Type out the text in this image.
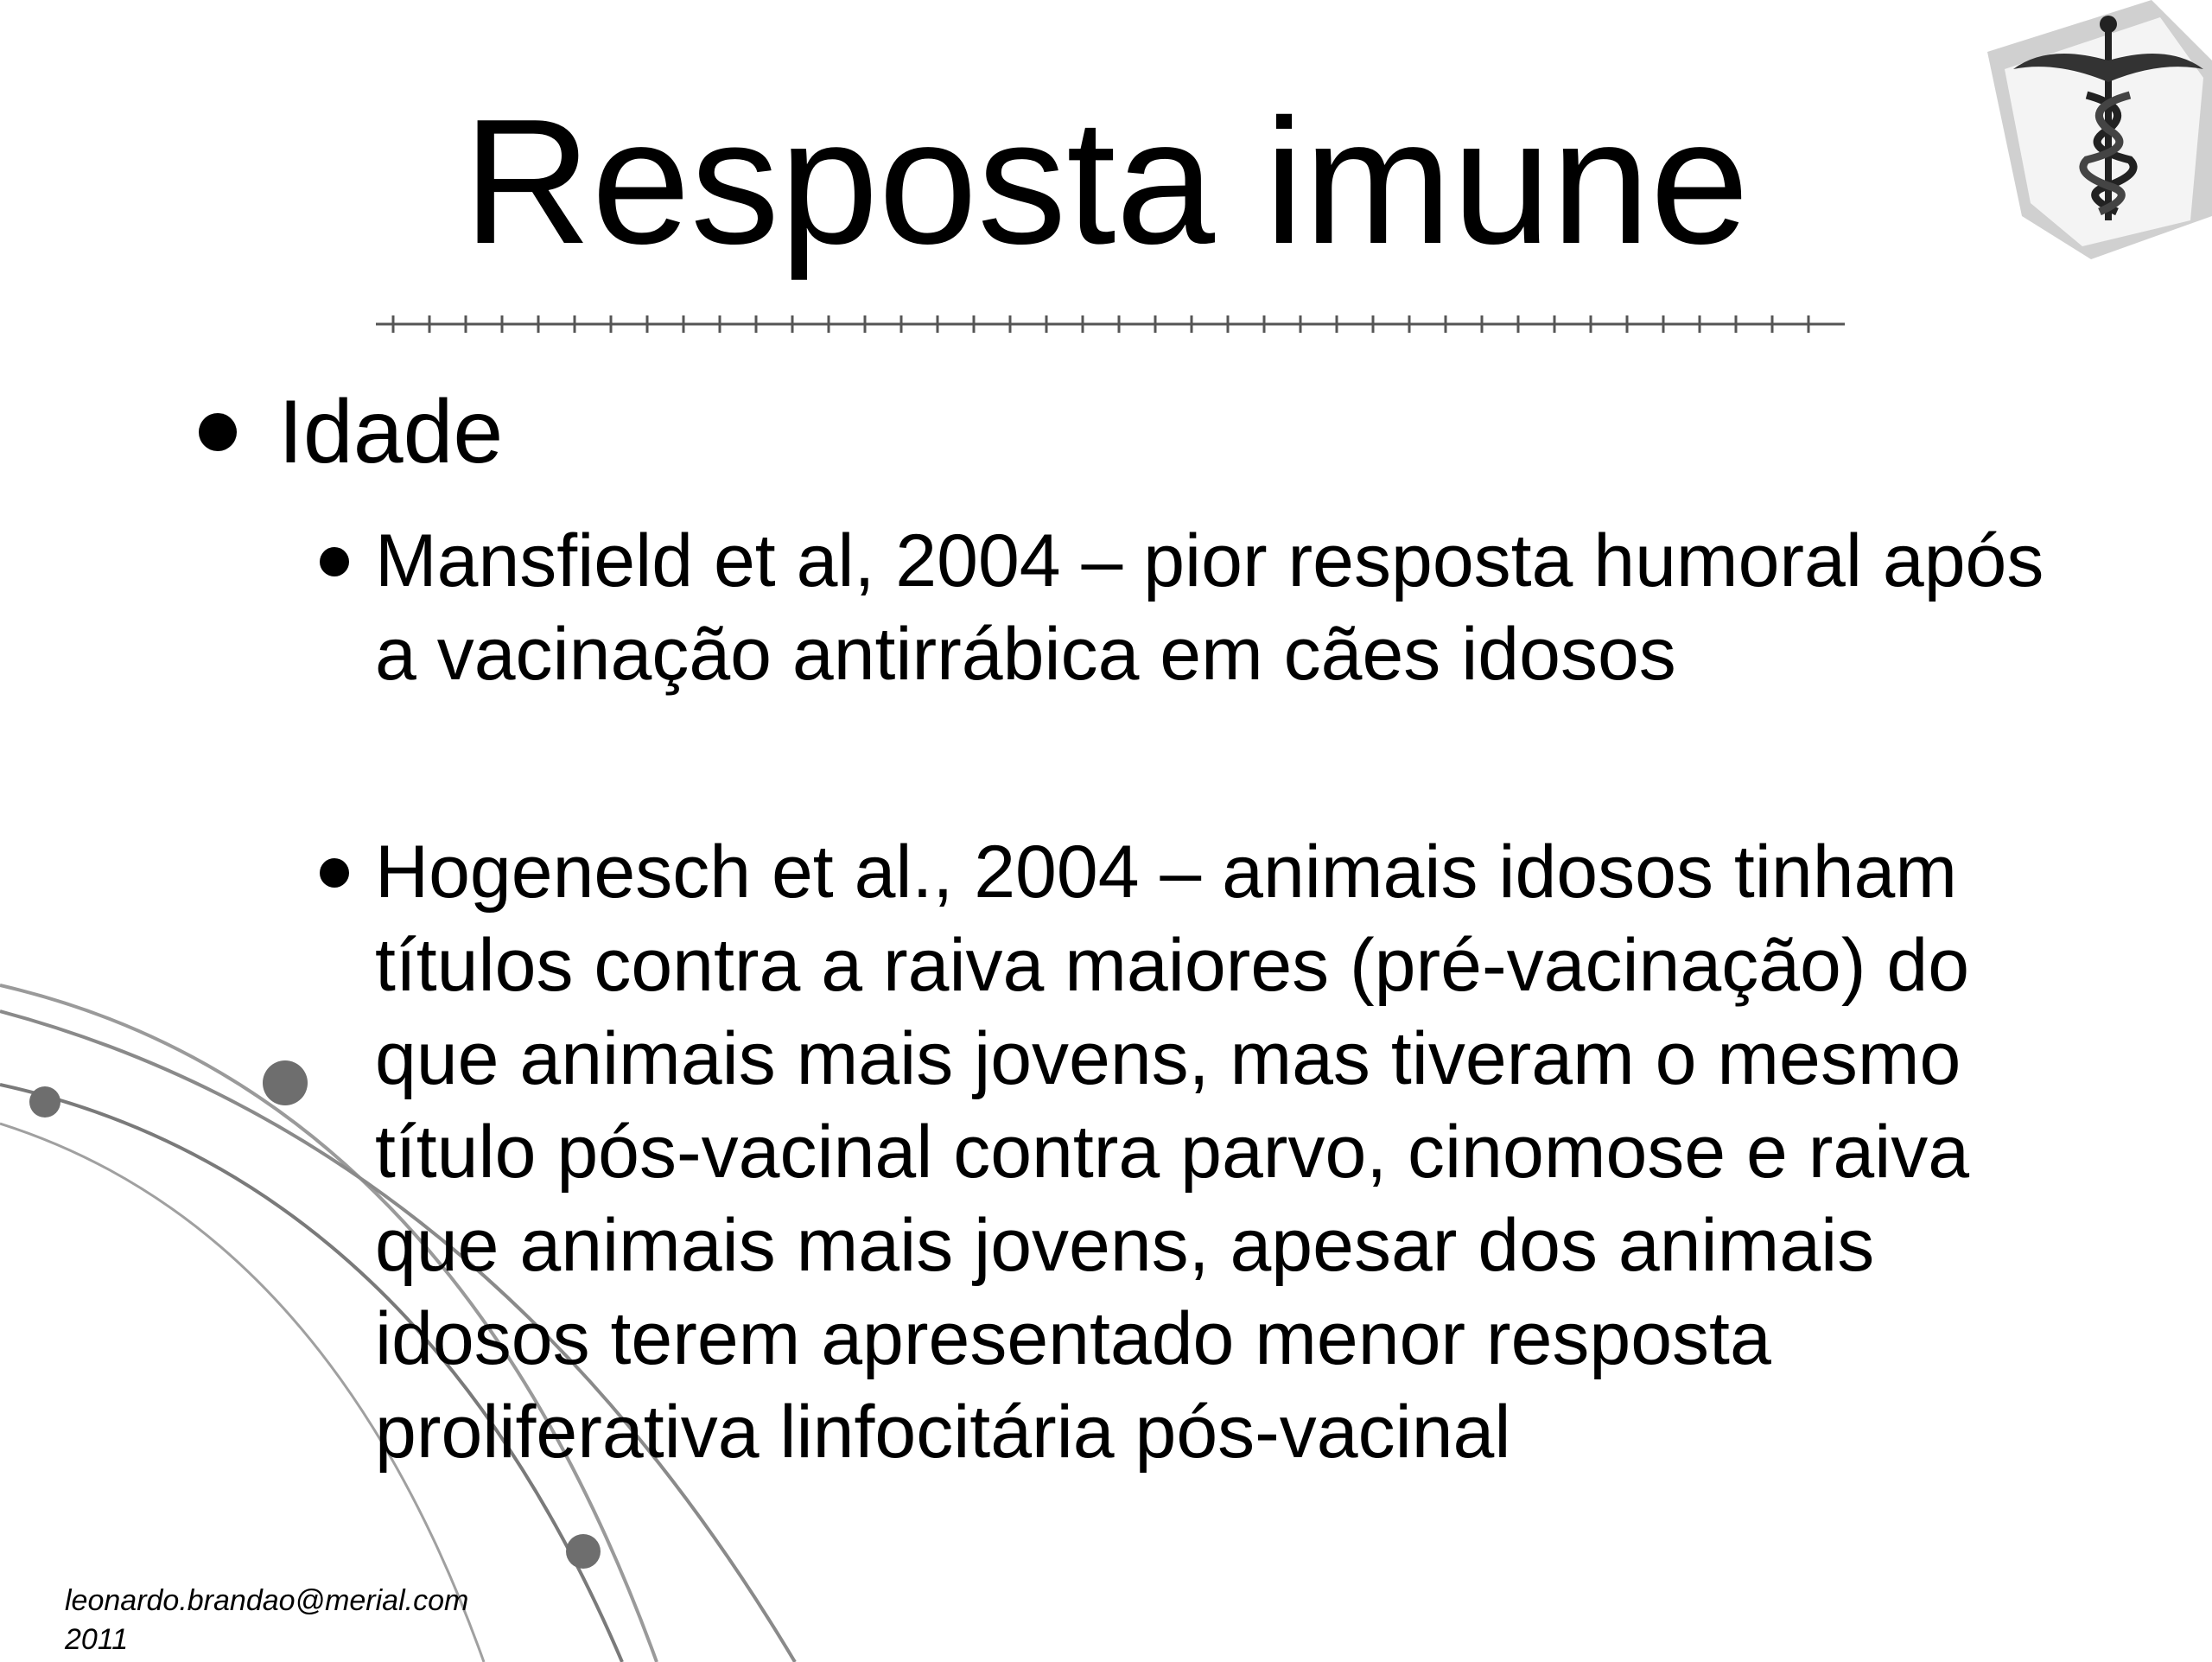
Resposta imune
Idade
Mansfield et al, 2004 – pior resposta humoral após
a vacinação antirrábica em cães idosos
Hogenesch et al., 2004 – animais idosos tinham
títulos contra a raiva maiores (pré-vacinação) do
que animais mais jovens, mas tiveram o mesmo
título pós-vacinal contra parvo, cinomose e raiva
que animais mais jovens, apesar dos animais
idosos terem apresentado menor resposta
proliferativa linfocitária pós-vacinal
leonardo.brandao@merial.com
2011
